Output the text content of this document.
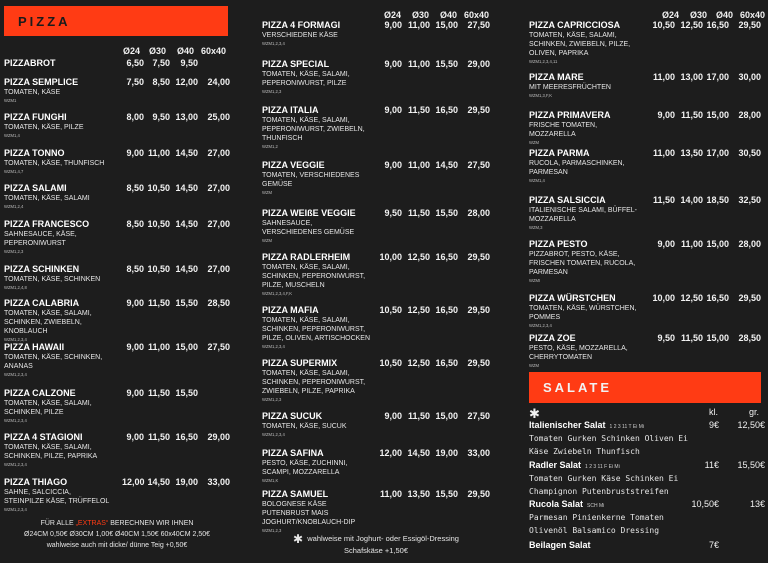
PIZZA
SALATE
Ø24 Ø30	Ø40 60x40
Ø24	Ø30	Ø40 60x40	Ø24	Ø30 Ø40 60x40
PIZZABROT	6,50 7,50	9,50
PIZZA SEMPLICE	7,50 8,50 12,00	24,00
TOMATEN, KÄSE
WZM1
PIZZA FUNGHI	8,00 9,50 13,00	25,00
TOMATEN, KÄSE, PILZE
WZM1,4
PIZZA TONNO	9,00 11,00 14,50	27,00
TOMATEN, KÄSE, THUNFISCH
WZM1,4,7
PIZZA SALAMI	8,50 10,50 14,50	27,00
TOMATEN, KÄSE, SALAMI
WZM1,2,4
PIZZA FRANCESCO	8,50 10,50 14,50	27,00
SAHNESAUCE, KÄSE, PEPERONIWURST
WZM1,2,3
PIZZA SCHINKEN	8,50 10,50 14,50	27,00
TOMATEN, KÄSE, SCHINKEN
WZM1,2,4,8
PIZZA CALABRIA	9,00 11,50 15,50	28,50
TOMATEN, KÄSE, SALAMI, SCHINKEN, ZWIEBELN, KNOBLAUCH
WZM1,2,3,4
PIZZA HAWAII	9,00 11,00 15,00	27,50
TOMATEN, KÄSE, SCHINKEN, ANANAS
WZM1,2,3,4
PIZZA CALZONE	9,00 11,50 15,50
TOMATEN, KÄSE, SALAMI, SCHINKEN, PILZE
WZM1,2,3,4
PIZZA 4 STAGIONI	9,00 11,50 16,50	29,00
TOMATEN, KÄSE, SALAMI, SCHINKEN, PILZE, PAPRIKA
WZM1,2,3,4
PIZZA THIAGO	12,00 14,50 19,00	33,00
SAHNE, SALCICCIA, STEINPILZE KÄSE, TRÜFFELOL
WZM1,2,3,4
PIZZA 4 FORMAGI	9,00 11,00 15,00	27,50
VERSCHIEDENE KÄSE
WZM1,2,3,4
PIZZA SPECIAL	9,00 11,00 15,50	29,00
TOMATEN, KÄSE, SALAMI, PEPERONIWURST, PILZE
WZM1,2,3
PIZZA ITALIA	9,00 11,50 16,50	29,50
TOMATEN, KÄSE, SALAMI, PEPERONIWURST, ZWIEBELN, THUNFISCH
WZM1,2
PIZZA VEGGIE	9,00 11,00 14,50	27,50
TOMATEN, VERSCHIEDENES GEMÜSE
WZM
PIZZA WEIßE VEGGIE	9,50 11,50 15,50	28,00
SAHNESAUCE, VERSCHIEDENES GEMÜSE
WZM
PIZZA RADLERHEIM	10,00 12,50 16,50	29,50
TOMATEN, KÄSE, SALAMI, SCHINKEN, PEPERONIWURST, PILZE, MUSCHELN
WZM1,2,3,4,F,K
PIZZA MAFIA	10,50 12,50 16,50	29,50
TOMATEN, KÄSE, SALAMI, SCHINKEN, PEPERONIWURST, PILZE, OLIVEN, ARTISCHOCKEN
WZM1,2,3,4
PIZZA SUPERMIX	10,50 12,50 16,50	29,50
TOMATEN, KÄSE, SALAMI, SCHINKEN, PEPERONIWURST, ZWIEBELN, PILZE, PAPRIKA
WZM1,2,3
PIZZA SUCUK	9,00 11,50 15,00	27,50
TOMATEN, KÄSE, SUCUK
WZM1,2,3,4
PIZZA SAFINA	12,00 14,50 19,00	33,00
PESTO, KÄSE, ZUCHINNI, SCAMPI, MOZZARELLA
WZM1,K
PIZZA SAMUEL	11,00 13,50 15,50	29,50
BOLOGNESE KÄSE PUTENBRUST MAIS JOGHURT/KNOBLAUCH-DIP
WZM1,2,3
PIZZA CAPRICCIOSA	10,50 12,50 16,50	29,50
TOMATEN, KÄSE, SALAMI, SCHINKEN, ZWIEBELN, PILZE, OLIVEN, PAPRIKA
WZM1,2,3,4,11
PIZZA MARE	11,00 13,00 17,00	30,00
MIT MEERESFRÜCHTEN
WZM1,3,F,K
PIZZA PRIMAVERA	9,00 11,50 15,00	28,00
FRISCHE TOMATEN, MOZZARELLA
WZM
PIZZA PARMA	11,00 13,50 17,00	30,50
RUCOLA, PARMASCHINKEN, PARMESAN
WZM1,4
PIZZA SALSICCIA	11,50 14,00 18,50	32,50
ITALIENISCHE SALAMI, BÜFFEL-MOZZARELLA
WZM,3
PIZZA PESTO	9,00 11,00 15,00	28,00
PIZZABROT, PESTO, KÄSE, FRISCHEN TOMATEN, RUCOLA, PARMESAN
WZMI
PIZZA WÜRSTCHEN	10,00 12,50 16,50	29,50
TOMATEN, KÄSE, WÜRSTCHEN, POMMES
WZM1,2,3,4
PIZZA ZOE	9,50 11,50 15,00	28,50
PESTO, KÄSE, MOZZARELLA, CHERRYTOMATEN
WZM
FÜR ALLE „EXTRAS“ BERECHNEN WIR IHNEN
Ø24CM 0,50€ Ø30CM 1,00€ Ø40CM 1,50€ 60x40CM 2,50€
wahlweise auch mit dicke/ dünne Teig +0,50€	✱ wahlweise mit Joghurt- oder Essigöl-Dressing
Schafskäse +1,50€
✱	kl.	gr.
Italienischer Salat 1 2 3 11 T Ei Mi	9€	12,50€
Tomaten Gurken Schinken Oliven Ei
Käse Zwiebeln Thunfisch
Radler Salat 1 2 3 11 F Ei Mi	11€	15,50€
Tomaten Gurken Käse Schinken Ei
Champignon Putenbruststreifen
Rucola Salat SCH Mi	10,50€	13€
Parmesan Pinienkerne Tomaten
Olivenöl Balsamico Dressing
Beilagen Salat	7€
